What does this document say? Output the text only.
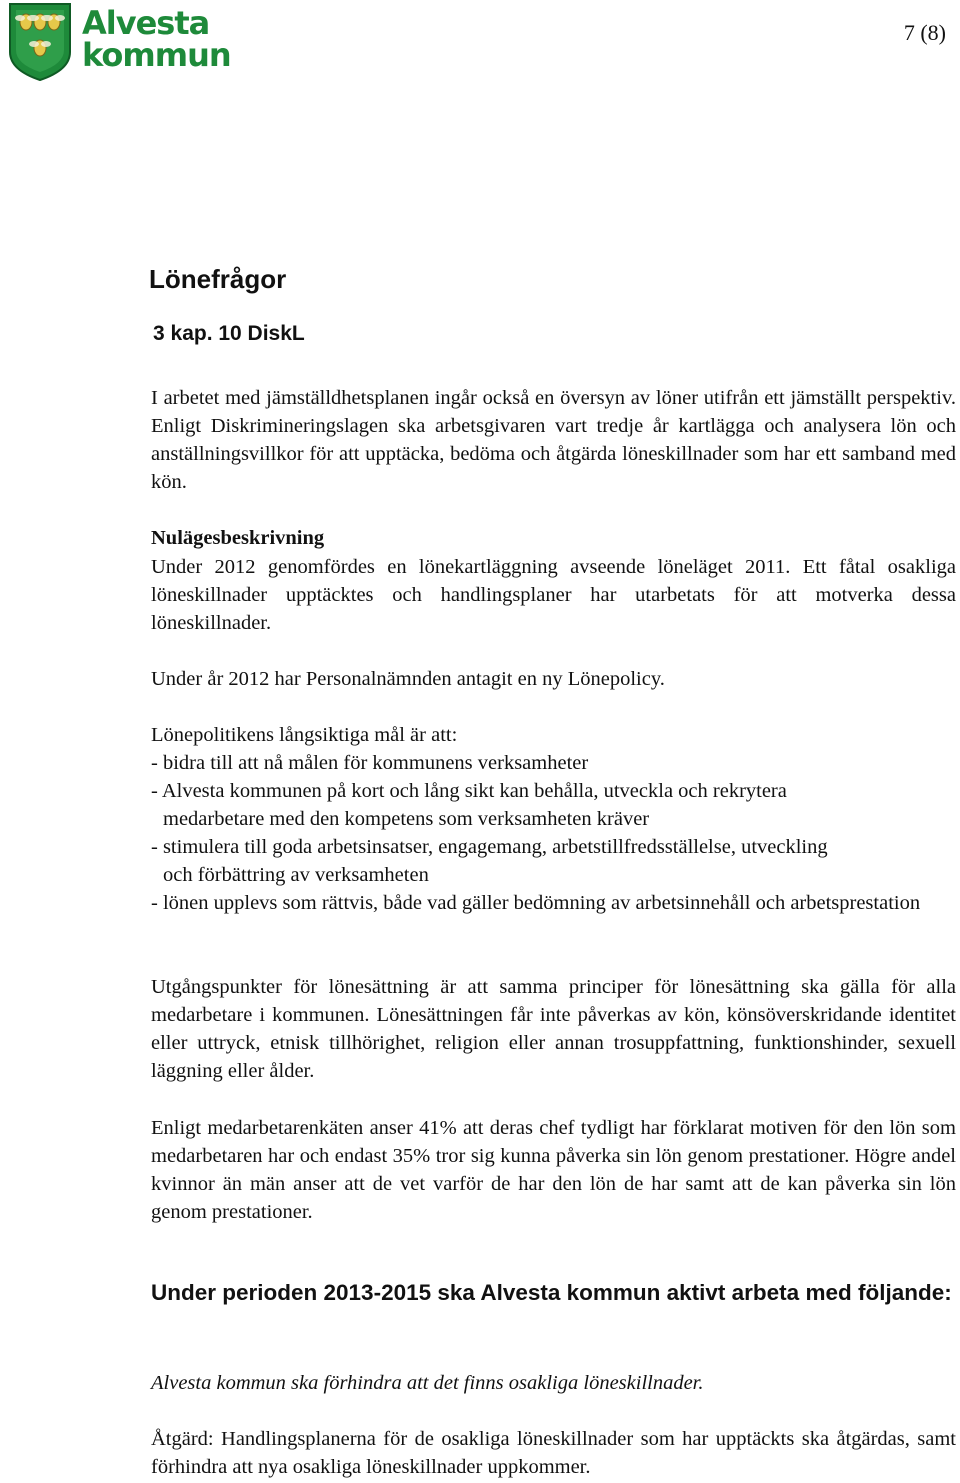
Alvesta
kommun
7 (8)
Lönefrågor
3 kap. 10 DiskL

I arbetet med jämställdhetsplanen ingår också en översyn av löner utifrån ett jämställt perspektiv. Enligt Diskrimineringslagen ska arbetsgivaren vart tredje år kartlägga och analysera lön och anställningsvillkor för att upptäcka, bedöma och åtgärda löneskillnader som har ett samband med kön.

Nulägesbeskrivning

Under 2012 genomfördes en lönekartläggning avseende löneläget 2011. Ett fåtal osakliga löneskillnader upptäcktes och handlingsplaner har utarbetats för att motverka dessa löneskillnader.

Under år 2012 har Personalnämnden antagit en ny Lönepolicy.

Lönepolitikens långsiktiga mål är att:
- bidra till att nå målen för kommunens verksamheter
- Alvesta kommunen på kort och lång sikt kan behålla, utveckla och rekrytera
medarbetare med den kompetens som verksamheten kräver
- stimulera till goda arbetsinsatser, engagemang, arbetstillfredsställelse, utveckling
och förbättring av verksamheten
- lönen upplevs som rättvis, både vad gäller bedömning av arbetsinnehåll och arbetsprestation

Utgångspunkter för lönesättning är att samma principer för lönesättning ska gälla för alla medarbetare i kommunen. Lönesättningen får inte påverkas av kön, könsöverskridande identitet eller uttryck, etnisk tillhörighet, religion eller annan trosuppfattning, funktionshinder, sexuell läggning eller ålder.

Enligt medarbetarenkäten anser 41% att deras chef tydligt har förklarat motiven för den lön som medarbetaren har och endast 35% tror sig kunna påverka sin lön genom prestationer. Högre andel kvinnor än män anser att de vet varför de har den lön de har samt att de kan påverka sin lön genom prestationer.

Under perioden 2013-2015 ska Alvesta kommun aktivt arbeta med följande:

Alvesta kommun ska förhindra att det finns osakliga löneskillnader.

Åtgärd: Handlingsplanerna för de osakliga löneskillnader som har upptäckts ska åtgärdas, samt förhindra att nya osakliga löneskillnader uppkommer.
